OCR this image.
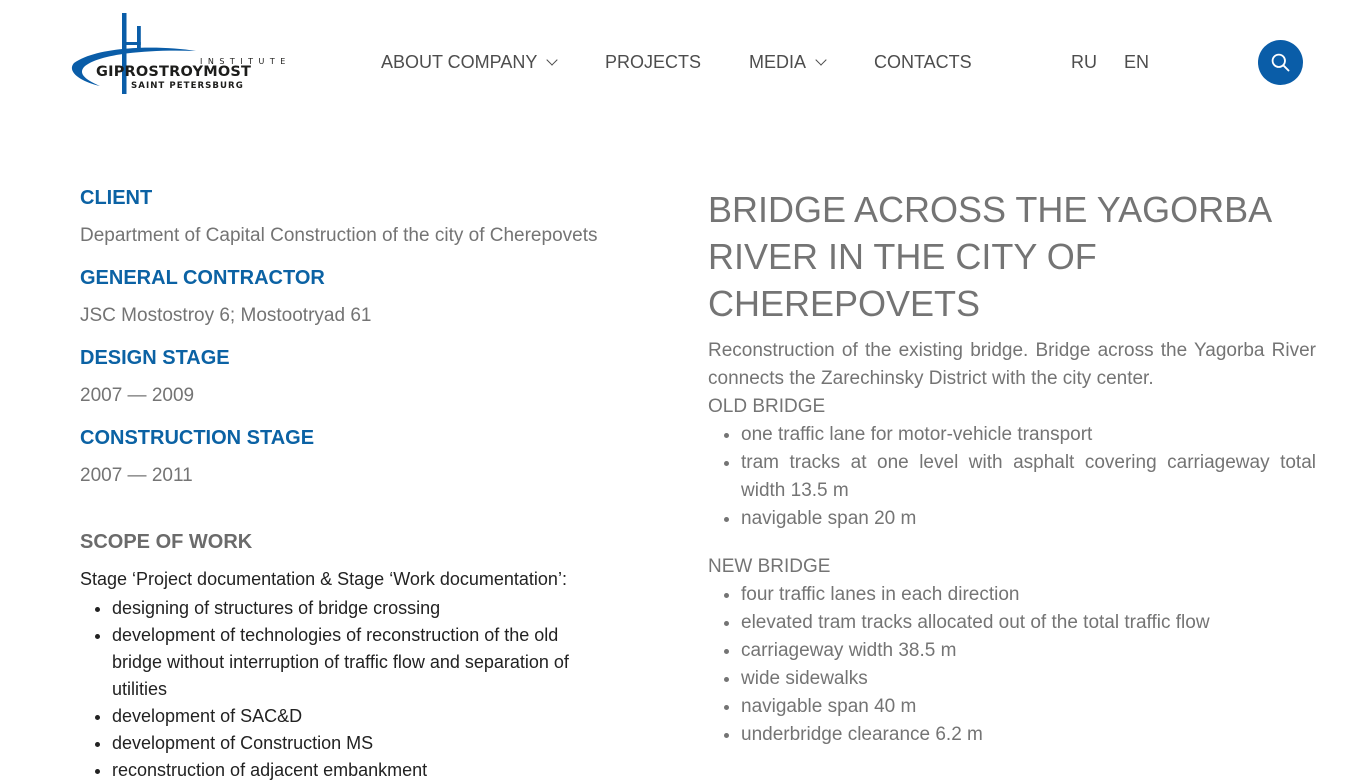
INSTITUTE
GIPROSTROYMOST
SAINT PETERSBURG
ABOUT COMPANY	PROJECTS	MEDIA	CONTACTS	RU EN

CLIENT

Department of Capital Construction of the city of Cherepovets

GENERAL CONTRACTOR

JSC Mostostroy 6; Mostootryad 61

DESIGN STAGE

2007 — 2009

CONSTRUCTION STAGE

2007 — 2011

SCOPE OF WORK
Stage ‘Project documentation & Stage ‘Work documentation’:
• designing of structures of bridge crossing
• development of technologies of reconstruction of the old bridge without interruption of traffic flow and separation of utilities
• development of SAC&D
• development of Construction MS
• reconstruction of adjacent embankment
BRIDGE ACROSS THE YAGORBA RIVER IN THE CITY OF CHEREPOVETS

Reconstruction of the existing bridge. Bridge across the Yagorba River connects the Zarechinsky District with the city center.

OLD BRIDGE

• one traffic lane for motor-vehicle transport
• tram tracks at one level with asphalt covering carriageway total width 13.5 m
• navigable span 20 m

NEW BRIDGE

• four traffic lanes in each direction
• elevated tram tracks allocated out of the total traffic flow
• carriageway width 38.5 m
• wide sidewalks
• navigable span 40 m
• underbridge clearance 6.2 m
